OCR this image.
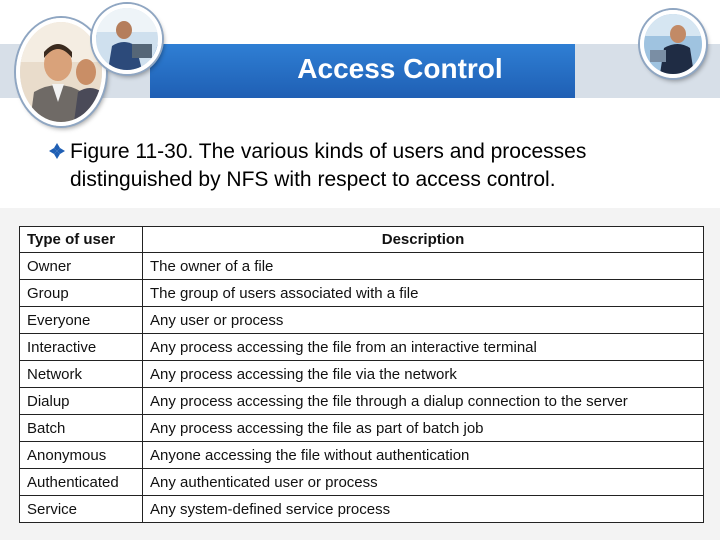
Access Control
Figure 11-30. The various kinds of users and processes distinguished by NFS with respect to access control.
Type of user	Description
Owner	The owner of a file
Group	The group of users associated with a file
Everyone	Any user or process
Interactive	Any process accessing the file from an interactive terminal
Network	Any process accessing the file via the network
Dialup	Any process accessing the file through a dialup connection to the server
Batch	Any process accessing the file as part of batch job
Anonymous	Anyone accessing the file without authentication
Authenticated	Any authenticated user or process
Service	Any system-defined service process
